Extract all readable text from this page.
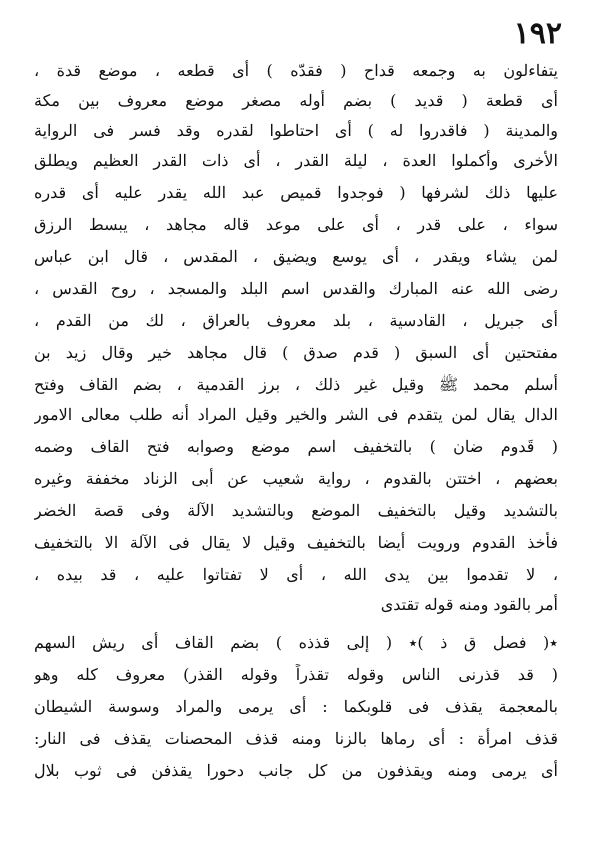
١٩٢
يتفاءلون به وجمعه قداح ( فقدّه ) أى قطعه ، موضع قدة ،
أى قطعة ( قديد ) بضم أوله مصغر موضع معروف بين مكة
والمدينة ( فاقدروا له ) أى احتاطوا لقدره وقد فسر فى الرواية
الأخرى وأكملوا العدة ، ليلة القدر ، أى ذات القدر العظيم ويطلق
عليها ذلك لشرفها ( فوجدوا قميص عبد الله يقدر عليه أى قدره
سواء ، على قدر ، أى على موعد قاله مجاهد ، يبسط الرزق
لمن يشاء ويقدر ، أى يوسع ويضيق ، المقدس ، قال ابن عباس
رضى الله عنه المبارك والقدس اسم البلد والمسجد ، روح القدس ،
أى جبريل ، القادسية ، بلد معروف بالعراق ، لك من القدم ،
مفتحتين أى السبق ( قدم صدق ) قال مجاهد خير وقال زيد بن
أسلم محمد ﷺ وقيل غير ذلك ، برز القدمية ، بضم القاف وفتح
الدال يقال لمن يتقدم فى الشر والخير وقيل المراد أنه طلب معالى الامور
( قَدوم ضان ) بالتخفيف اسم موضع وصوابه فتح القاف وضمه
بعضهم ، اختتن بالقدوم ، رواية شعيب عن أبى الزناد مخففة وغيره
بالتشديد وقيل بالتخفيف الموضع وبالتشديد الآلة وفى قصة الخضر
فأخذ القدوم ورويت أيضا بالتخفيف وقيل لا يقال فى الآلة الا بالتخفيف
، لا تقدموا بين يدى الله ، أى لا تفتاتوا عليه ، قد بيده ،
أمر بالقود ومنه قوله تقتدى
٭( فصل ق ذ )٭ ( إلى قذذه ) بضم القاف أى ريش السهم
( قد قذرنى الناس وقوله تقذراً وقوله القذر) معروف كله وهو
بالمعجمة يقذف فى قلوبكما : أى يرمى والمراد وسوسة الشيطان
قذف امرأة : أى رماها بالزنا ومنه قذف المحصنات يقذف فى النار:
أى يرمى ومنه ويقذفون من كل جانب دحورا يقذفن فى ثوب بلال
